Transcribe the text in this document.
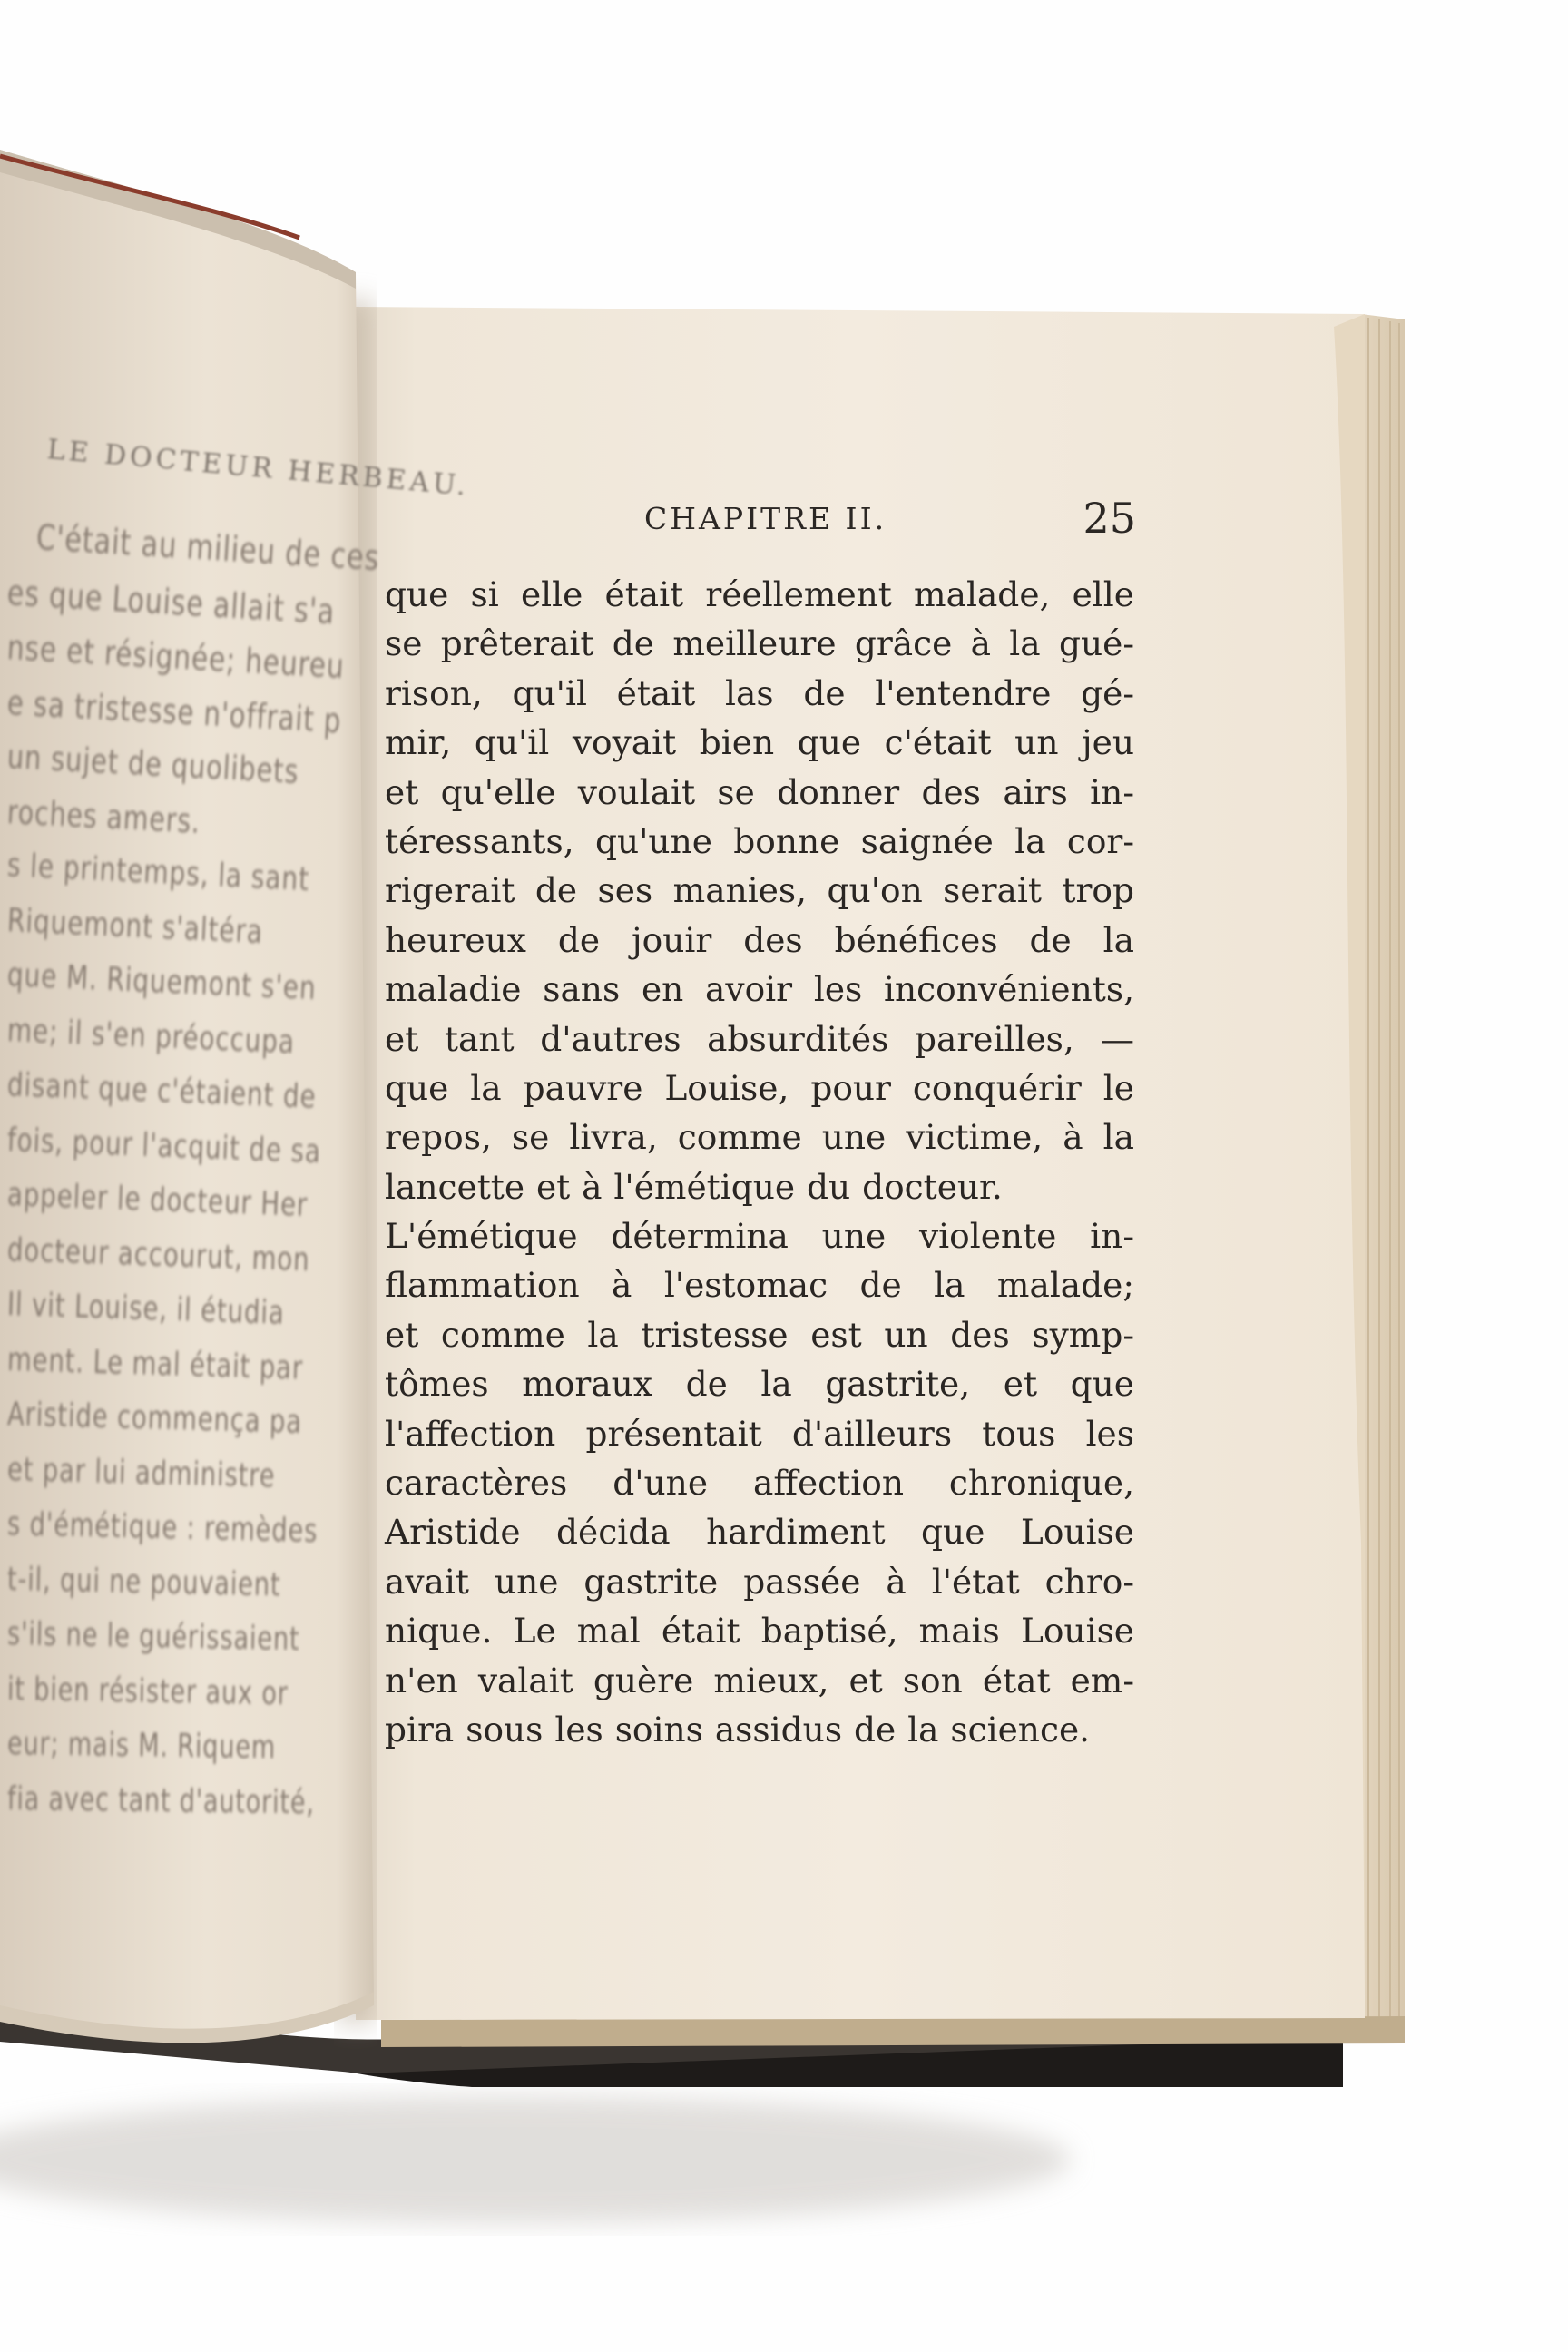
LE DOCTEUR HERBEAU.
C'était au milieu de ces
es que Louise allait s'a
nse et résignée; heureu
e sa tristesse n'offrait p
un sujet de quolibets
roches amers.
s le printemps, la sant
Riquemont s'altéra
que M. Riquemont s'en
me; il s'en préoccupa
disant que c'étaient de
fois, pour l'acquit de sa
appeler le docteur Her
docteur accourut, mon
Il vit Louise, il étudia
ment. Le mal était par
Aristide commença pa
et par lui administre
s d'émétique : remèdes
t-il, qui ne pouvaient
s'ils ne le guérissaient
it bien résister aux or
eur; mais M. Riquem
fia avec tant d'autorité,
CHAPITRE II.	25
que si elle était réellement malade, elle
se prêterait de meilleure grâce à la gué-
rison, qu'il était las de l'entendre gé-
mir, qu'il voyait bien que c'était un jeu
et qu'elle voulait se donner des airs in-
téressants, qu'une bonne saignée la cor-
rigerait de ses manies, qu'on serait trop
heureux de jouir des bénéfices de la
maladie sans en avoir les inconvénients,
et tant d'autres absurdités pareilles, —
que la pauvre Louise, pour conquérir le
repos, se livra, comme une victime, à la
lancette et à l'émétique du docteur.
L'émétique détermina une violente in-
flammation à l'estomac de la malade;
et comme la tristesse est un des symp-
tômes moraux de la gastrite, et que
l'affection présentait d'ailleurs tous les
caractères d'une affection chronique,
Aristide décida hardiment que Louise
avait une gastrite passée à l'état chro-
nique. Le mal était baptisé, mais Louise
n'en valait guère mieux, et son état em-
pira sous les soins assidus de la science.
